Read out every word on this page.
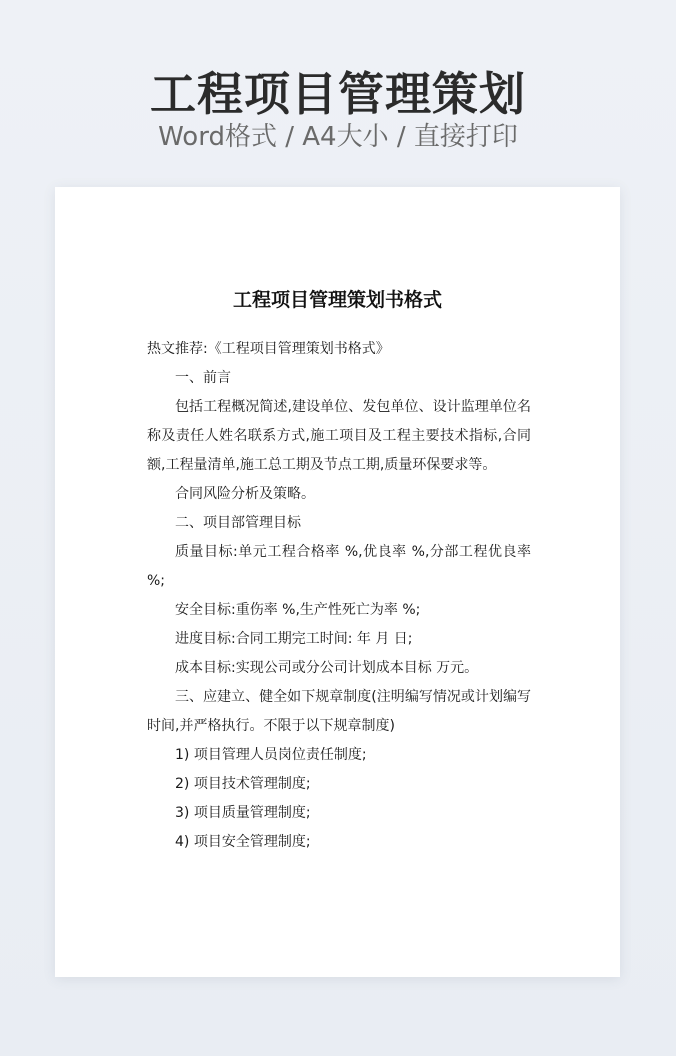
工程项目管理策划
Word格式 / A4大小 / 直接打印
工程项目管理策划书格式

热文推荐:《工程项目管理策划书格式》

一、前言

包括工程概况简述,建设单位、发包单位、设计监理单位名称及责任人姓名联系方式,施工项目及工程主要技术指标,合同额,工程量清单,施工总工期及节点工期,质量环保要求等。

合同风险分析及策略。

二、项目部管理目标

质量目标:单元工程合格率 %,优良率 %,分部工程优良率 %;

安全目标:重伤率 %,生产性死亡为率 %;

进度目标:合同工期完工时间: 年 月 日;

成本目标:实现公司或分公司计划成本目标 万元。

三、应建立、健全如下规章制度(注明编写情况或计划编写时间,并严格执行。不限于以下规章制度)

1) 项目管理人员岗位责任制度;

2) 项目技术管理制度;

3) 项目质量管理制度;

4) 项目安全管理制度;
